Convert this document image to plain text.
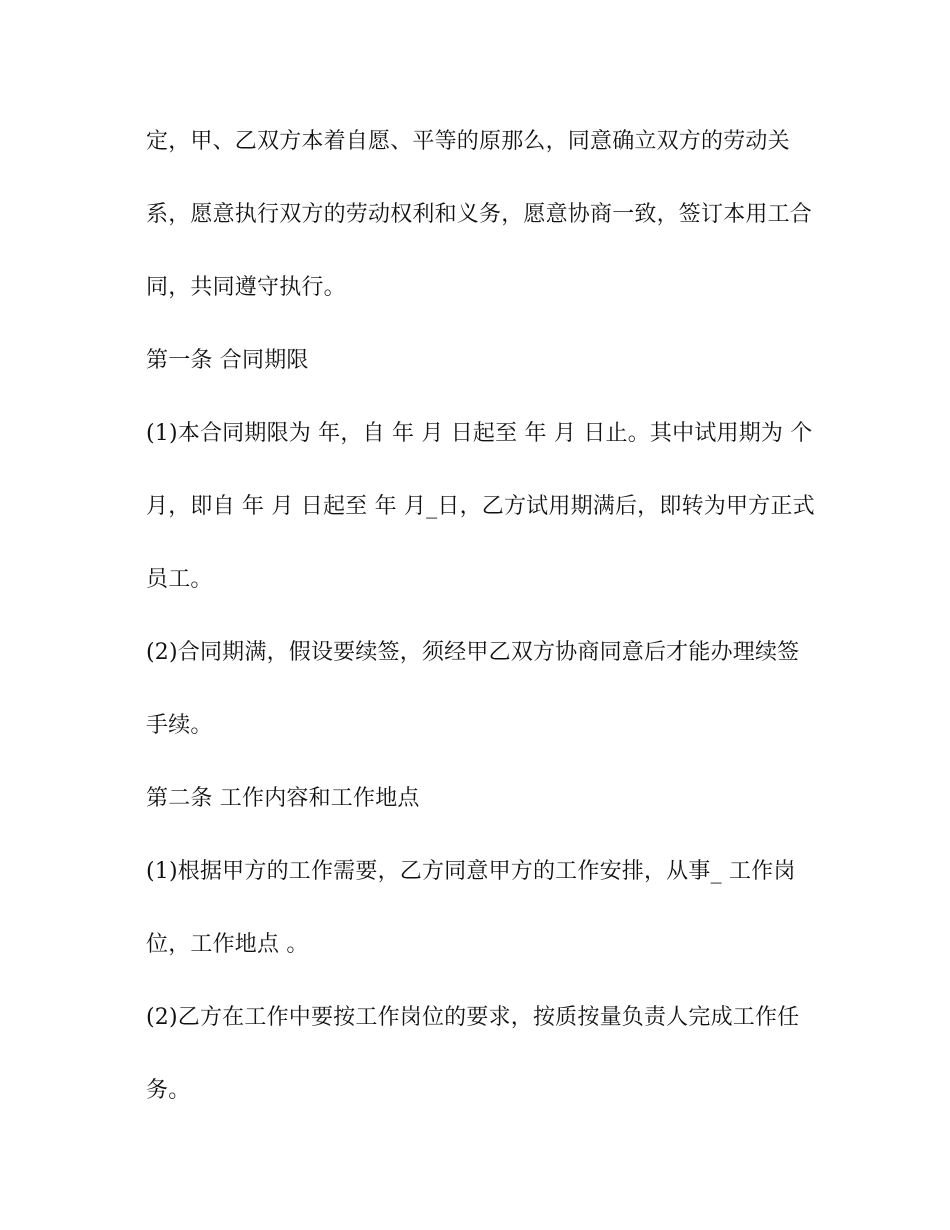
定，甲、乙双方本着自愿、平等的原那么，同意确立双方的劳动关
系，愿意执行双方的劳动权利和义务，愿意协商一致，签订本用工合
同，共同遵守执行。
第一条 合同期限
(1)本合同期限为 年，自 年 月 日起至 年 月 日止。其中试用期为 个
月，即自 年 月 日起至 年 月_日，乙方试用期满后，即转为甲方正式
员工。
(2)合同期满，假设要续签，须经甲乙双方协商同意后才能办理续签
手续。
第二条 工作内容和工作地点
(1)根据甲方的工作需要，乙方同意甲方的工作安排，从事_ 工作岗
位，工作地点 。
(2)乙方在工作中要按工作岗位的要求，按质按量负责人完成工作任
务。
